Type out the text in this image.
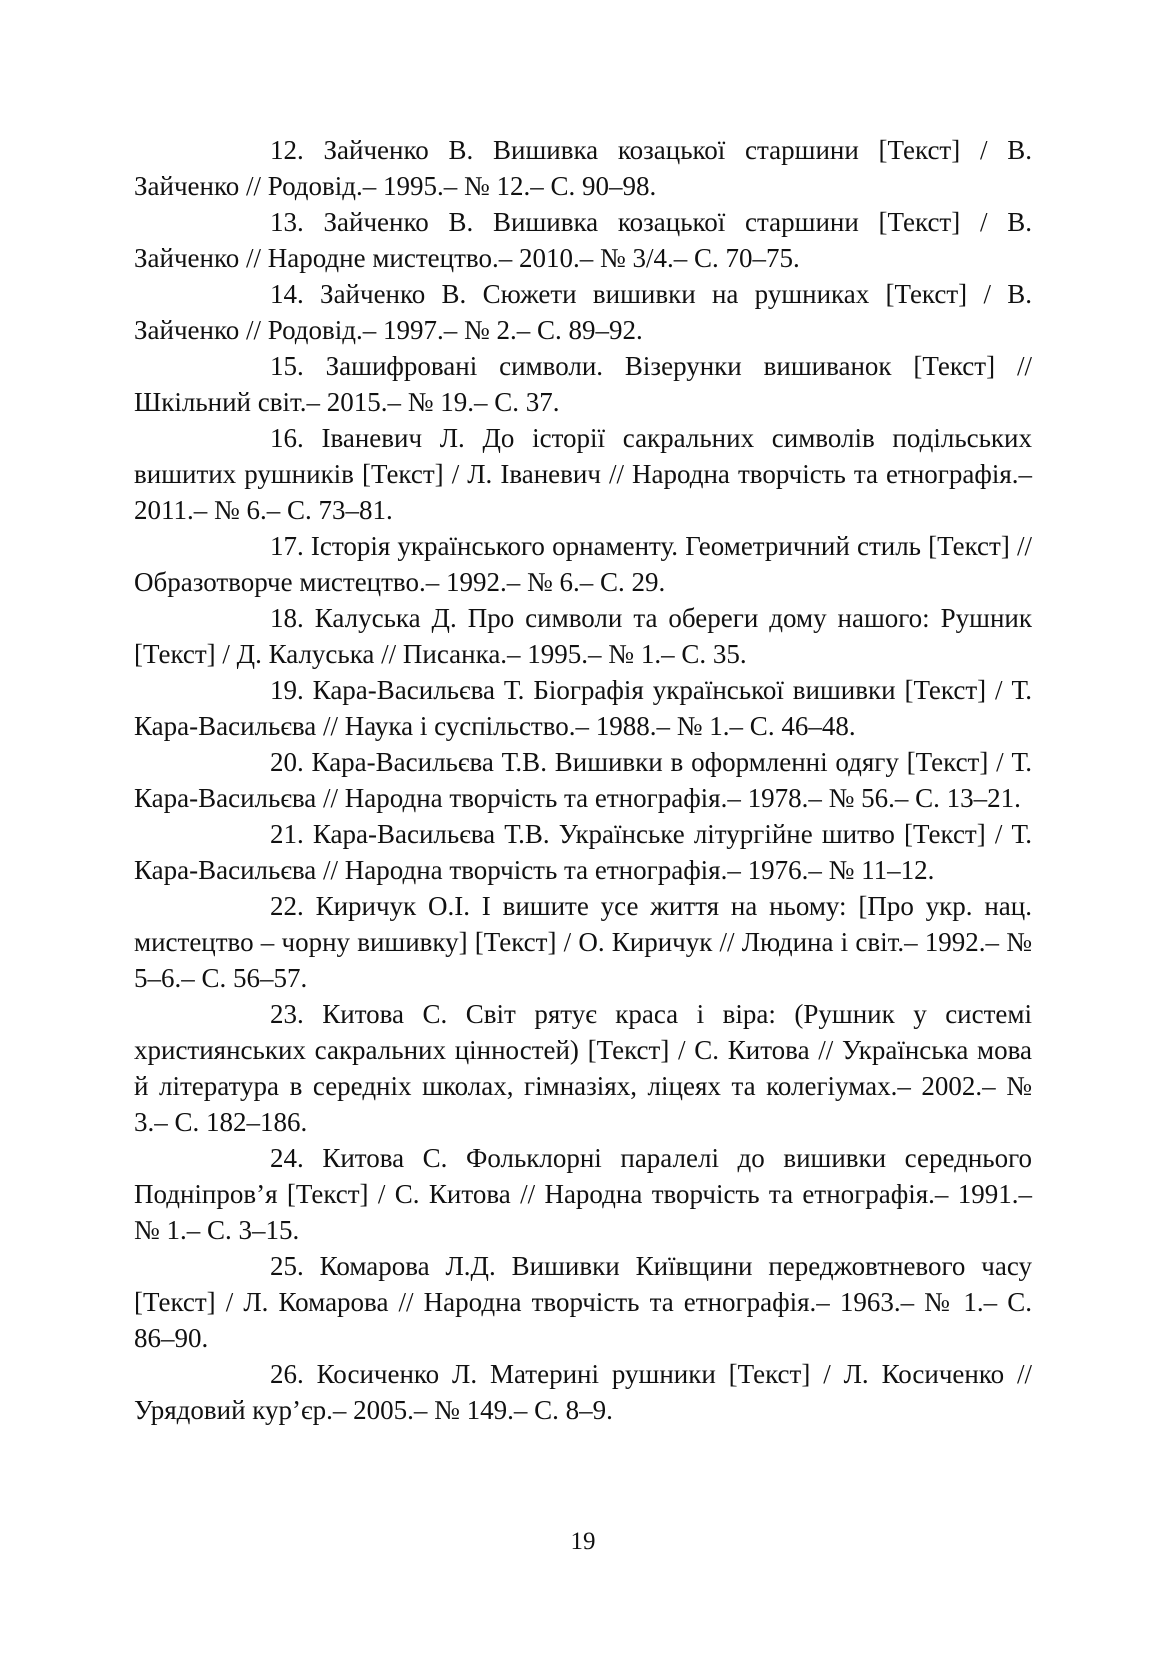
12. Зайченко В. Вишивка козацької старшини [Текст] / В. Зайченко // Родовід.– 1995.– № 12.– С. 90–98.

13. Зайченко В. Вишивка козацької старшини [Текст] / В. Зайченко // Народне мистецтво.– 2010.– № 3/4.– С. 70–75.

14. Зайченко В. Сюжети вишивки на рушниках [Текст] / В. Зайченко // Родовід.– 1997.– № 2.– С. 89–92.

15. Зашифровані символи. Візерунки вишиванок [Текст] // Шкільний світ.– 2015.– № 19.– С. 37.

16. Іваневич Л. До історії сакральних символів подільських вишитих рушників [Текст] / Л. Іваневич // Народна творчість та етнографія.– 2011.– № 6.– С. 73–81.

17. Історія українського орнаменту. Геометричний стиль [Текст] // Образотворче мистецтво.– 1992.– № 6.– С. 29.

18. Калуська Д. Про символи та обереги дому нашого: Рушник [Текст] / Д. Калуська // Писанка.– 1995.– № 1.– С. 35.

19. Кара-Васильєва Т. Біографія української вишивки [Текст] / Т. Кара-Васильєва // Наука і суспільство.– 1988.– № 1.– С. 46–48.

20. Кара-Васильєва Т.В. Вишивки в оформленні одягу [Текст] / Т. Кара-Васильєва // Народна творчість та етнографія.– 1978.– № 56.– С. 13–21.

21. Кара-Васильєва Т.В. Українське літургійне шитво [Текст] / Т. Кара-Васильєва // Народна творчість та етнографія.– 1976.– № 11–12.

22. Киричук О.І. І вишите усе життя на ньому: [Про укр. нац. мистецтво – чорну вишивку] [Текст] / О. Киричук // Людина і світ.– 1992.– № 5–6.– С. 56–57.

23. Китова С. Світ рятує краса і віра: (Рушник у системі християнських сакральних цінностей) [Текст] / С. Китова // Українська мова й література в середніх школах, гімназіях, ліцеях та колегіумах.– 2002.– № 3.– С. 182–186.

24. Китова С. Фольклорні паралелі до вишивки середнього Подніпров’я [Текст] / С. Китова // Народна творчість та етнографія.– 1991.– № 1.– С. 3–15.

25. Комарова Л.Д. Вишивки Київщини переджовтневого часу [Текст] / Л. Комарова // Народна творчість та етнографія.– 1963.– № 1.– С. 86–90.

26. Косиченко Л. Материні рушники [Текст] / Л. Косиченко // Урядовий кур’єр.– 2005.– № 149.– С. 8–9.

19
